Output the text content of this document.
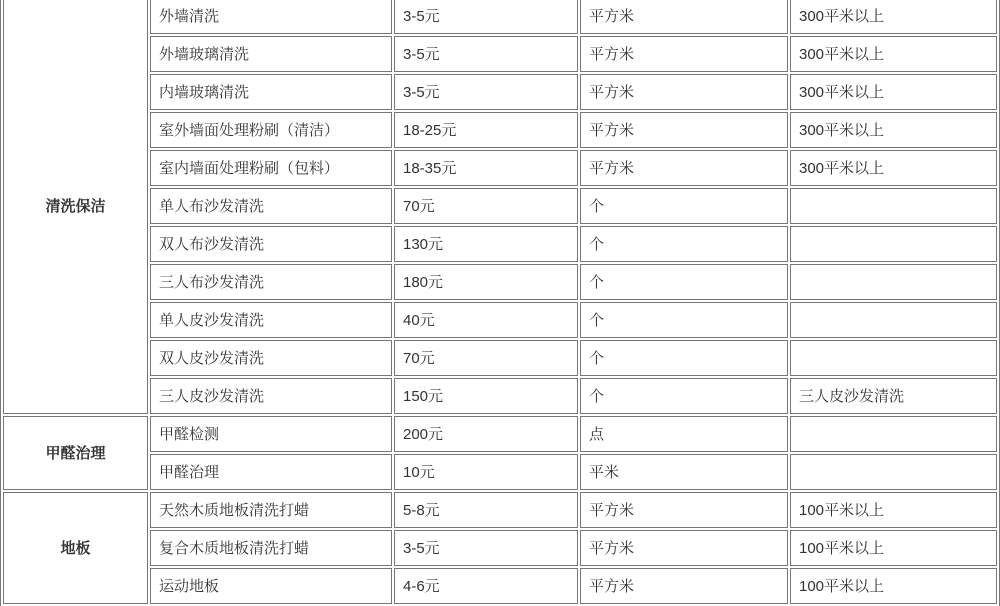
清洗保洁	外墙清洗	3-5元	平方米	300平米以上
	外墙玻璃清洗	3-5元	平方米	300平米以上
	内墙玻璃清洗	3-5元	平方米	300平米以上
	室外墙面处理粉刷（清洁）	18-25元	平方米	300平米以上
	室内墙面处理粉刷（包料）	18-35元	平方米	300平米以上
	单人布沙发清洗	70元	个	
	双人布沙发清洗	130元	个	
	三人布沙发清洗	180元	个	
	单人皮沙发清洗	40元	个	
	双人皮沙发清洗	70元	个	
	三人皮沙发清洗	150元	个	三人皮沙发清洗
甲醛治理	甲醛检测	200元	点	
	甲醛治理	10元	平米	
地板	天然木质地板清洗打蜡	5-8元	平方米	100平米以上
	复合木质地板清洗打蜡	3-5元	平方米	100平米以上
	运动地板	4-6元	平方米	100平米以上
